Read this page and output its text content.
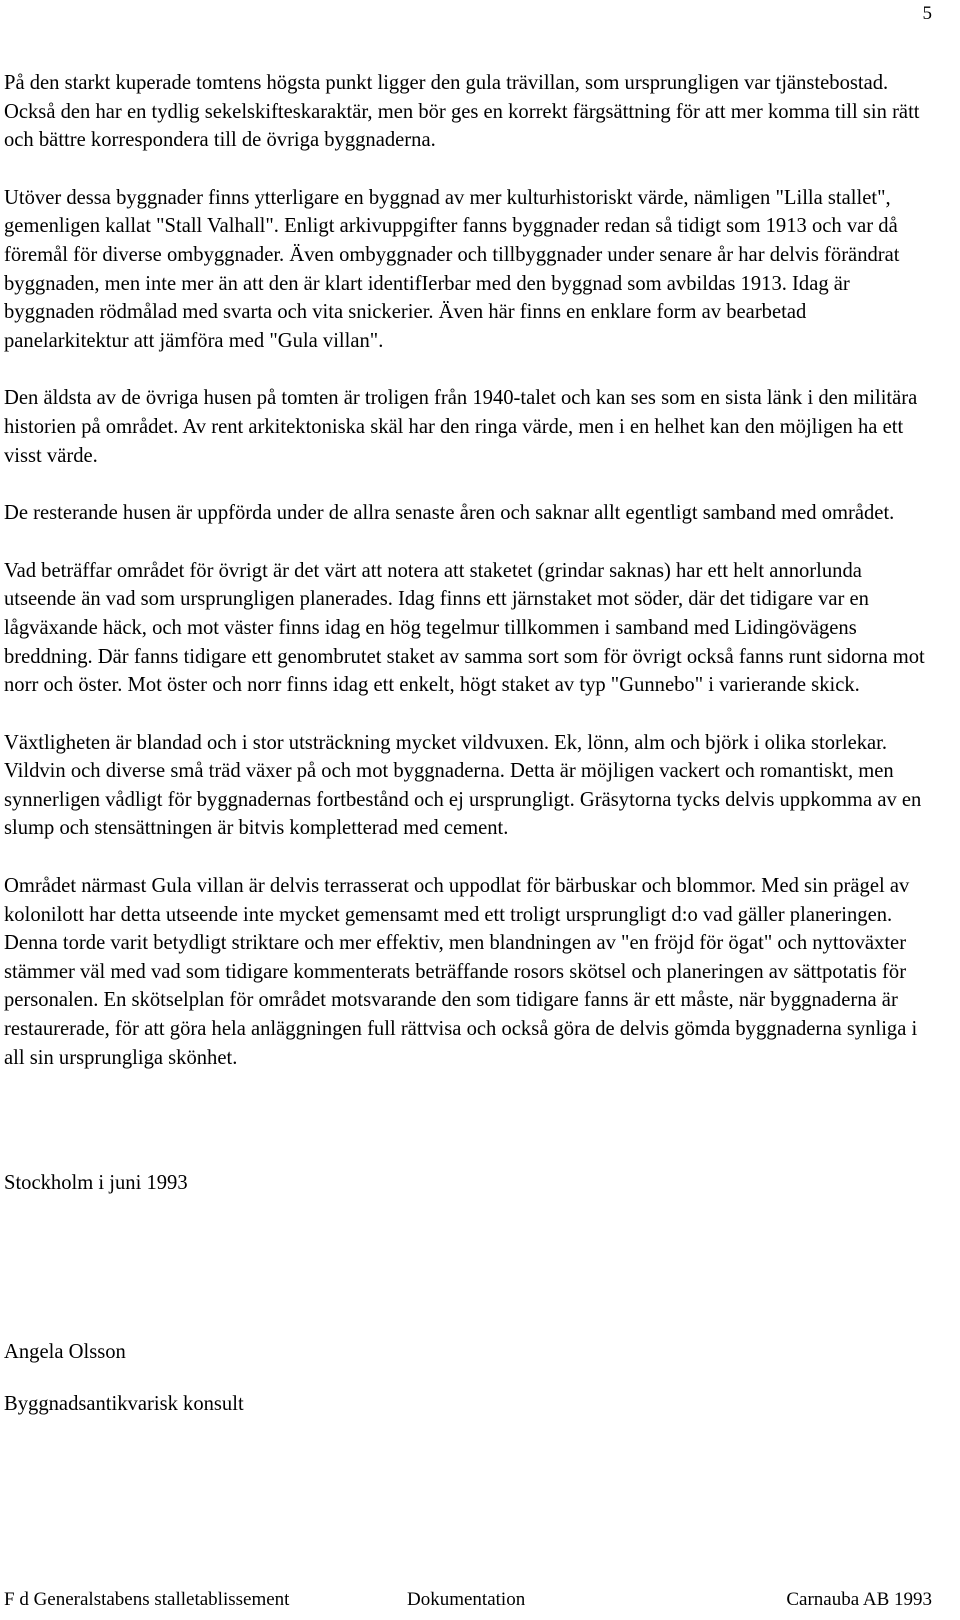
5

På den starkt kuperade tomtens högsta punkt ligger den gula trävillan, som ursprungligen var tjänstebostad. Också den har en tydlig sekelskifteskaraktär, men bör ges en korrekt färgsättning för att mer komma till sin rätt och bättre korrespondera till de övriga byggnaderna.

Utöver dessa byggnader finns ytterligare en byggnad av mer kulturhistoriskt värde, nämligen "Lilla stallet", gemenligen kallat "Stall Valhall". Enligt arkivuppgifter fanns byggnader redan så tidigt som 1913 och var då föremål för diverse ombyggnader. Även ombyggnader och tillbyggnader under senare år har delvis förändrat byggnaden, men inte mer än att den är klart identifIerbar med den byggnad som avbildas 1913. Idag är byggnaden rödmålad med svarta och vita snickerier. Även här finns en enklare form av bearbetad panelarkitektur att jämföra med "Gula villan".

Den äldsta av de övriga husen på tomten är troligen från 1940-talet och kan ses som en sista länk i den militära historien på området. Av rent arkitektoniska skäl har den ringa värde, men i en helhet kan den möjligen ha ett visst värde.

De resterande husen är uppförda under de allra senaste åren och saknar allt egentligt samband med området.

Vad beträffar området för övrigt är det värt att notera att staketet (grindar saknas) har ett helt annorlunda utseende än vad som ursprungligen planerades. Idag finns ett järnstaket mot söder, där det tidigare var en lågväxande häck, och mot väster finns idag en hög tegelmur tillkommen i samband med Lidingövägens breddning. Där fanns tidigare ett genombrutet staket av samma sort som för övrigt också fanns runt sidorna mot norr och öster. Mot öster och norr finns idag ett enkelt, högt staket av typ "Gunnebo" i varierande skick.

Växtligheten är blandad och i stor utsträckning mycket vildvuxen. Ek, lönn, alm och björk i olika storlekar. Vildvin och diverse små träd växer på och mot byggnaderna. Detta är möjligen vackert och romantiskt, men synnerligen vådligt för byggnadernas fortbestånd och ej ursprungligt. Gräsytorna tycks delvis uppkomma av en slump och stensättningen är bitvis kompletterad med cement.

Området närmast Gula villan är delvis terrasserat och uppodlat för bärbuskar och blommor. Med sin prägel av kolonilott har detta utseende inte mycket gemensamt med ett troligt ursprungligt d:o vad gäller planeringen. Denna torde varit betydligt striktare och mer effektiv, men blandningen av "en fröjd för ögat" och nyttoväxter stämmer väl med vad som tidigare kommenterats beträffande rosors skötsel och planeringen av sättpotatis för personalen. En skötselplan för området motsvarande den som tidigare fanns är ett måste, när byggnaderna är restaurerade, för att göra hela anläggningen full rättvisa och också göra de delvis gömda byggnaderna synliga i all sin ursprungliga skönhet.

Stockholm i juni 1993
Angela Olsson
Byggnadsantikvarisk konsult
F d Generalstabens stalletablissement	Dokumentation	Carnauba AB 1993
